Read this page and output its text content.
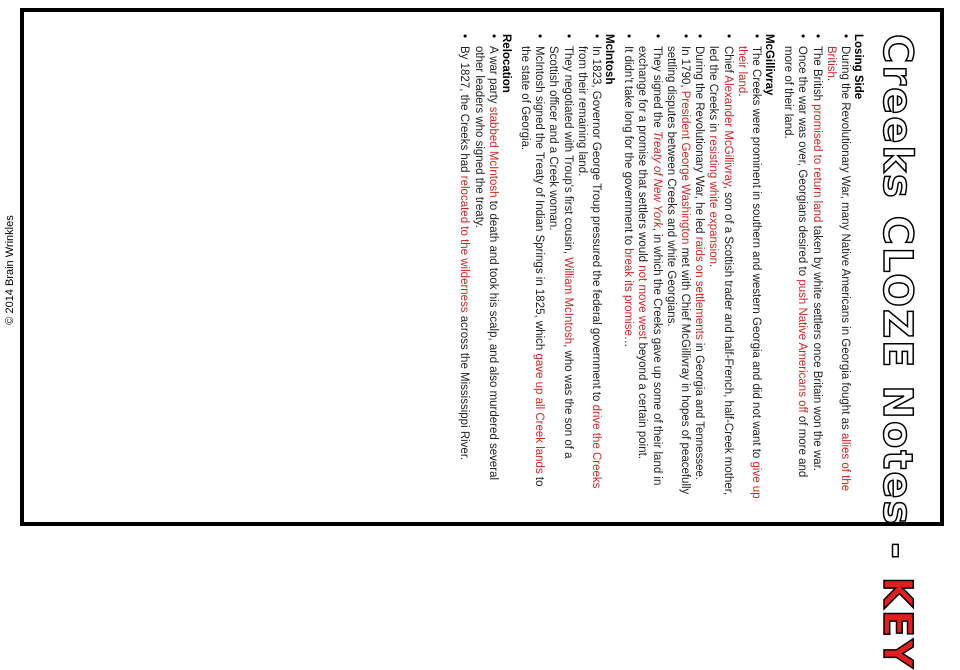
© 2014 Brain Wrinkles	Creeks CLOZE Notes - KEY
Losing Side
• During the Revolutionary War, many Native Americans in Georgia fought as allies of the British.
• The British promised to return land taken by white settlers once Britain won the war.
• Once the war was over, Georgians desired to push Native Americans off of more and more of their land.
McGillivray
• The Creeks were prominent in southern and western Georgia and did not want to give up their land.
• Chief Alexander McGillivray, son of a Scottish trader and half-French, half-Creek mother, led the Creeks in resisting white expansion.
• During the Revolutionary War, he led raids on settlements in Georgia and Tennessee.
• In 1790, President George Washington met with Chief McGillivray in hopes of peacefully settling disputes between Creeks and white Georgians.
• They signed the Treaty of New York, in which the Creeks gave up some of their land in exchange for a promise that settlers would not move west beyond a certain point.
• It didn't take long for the government to break its promise…
McIntosh
• In 1823, Governor George Troup pressured the federal government to drive the Creeks from their remaining land.
• They negotiated with Troup's first cousin, William McIntosh, who was the son of a Scottish officer and a Creek woman.
• McIntosh signed the Treaty of Indian Springs in 1825, which gave up all Creek lands to the state of Georgia.
Relocation
• A war party stabbed McIntosh to death and took his scalp, and also murdered several other leaders who signed the treaty.
• By 1827, the Creeks had relocated to the wilderness across the Mississippi River.
